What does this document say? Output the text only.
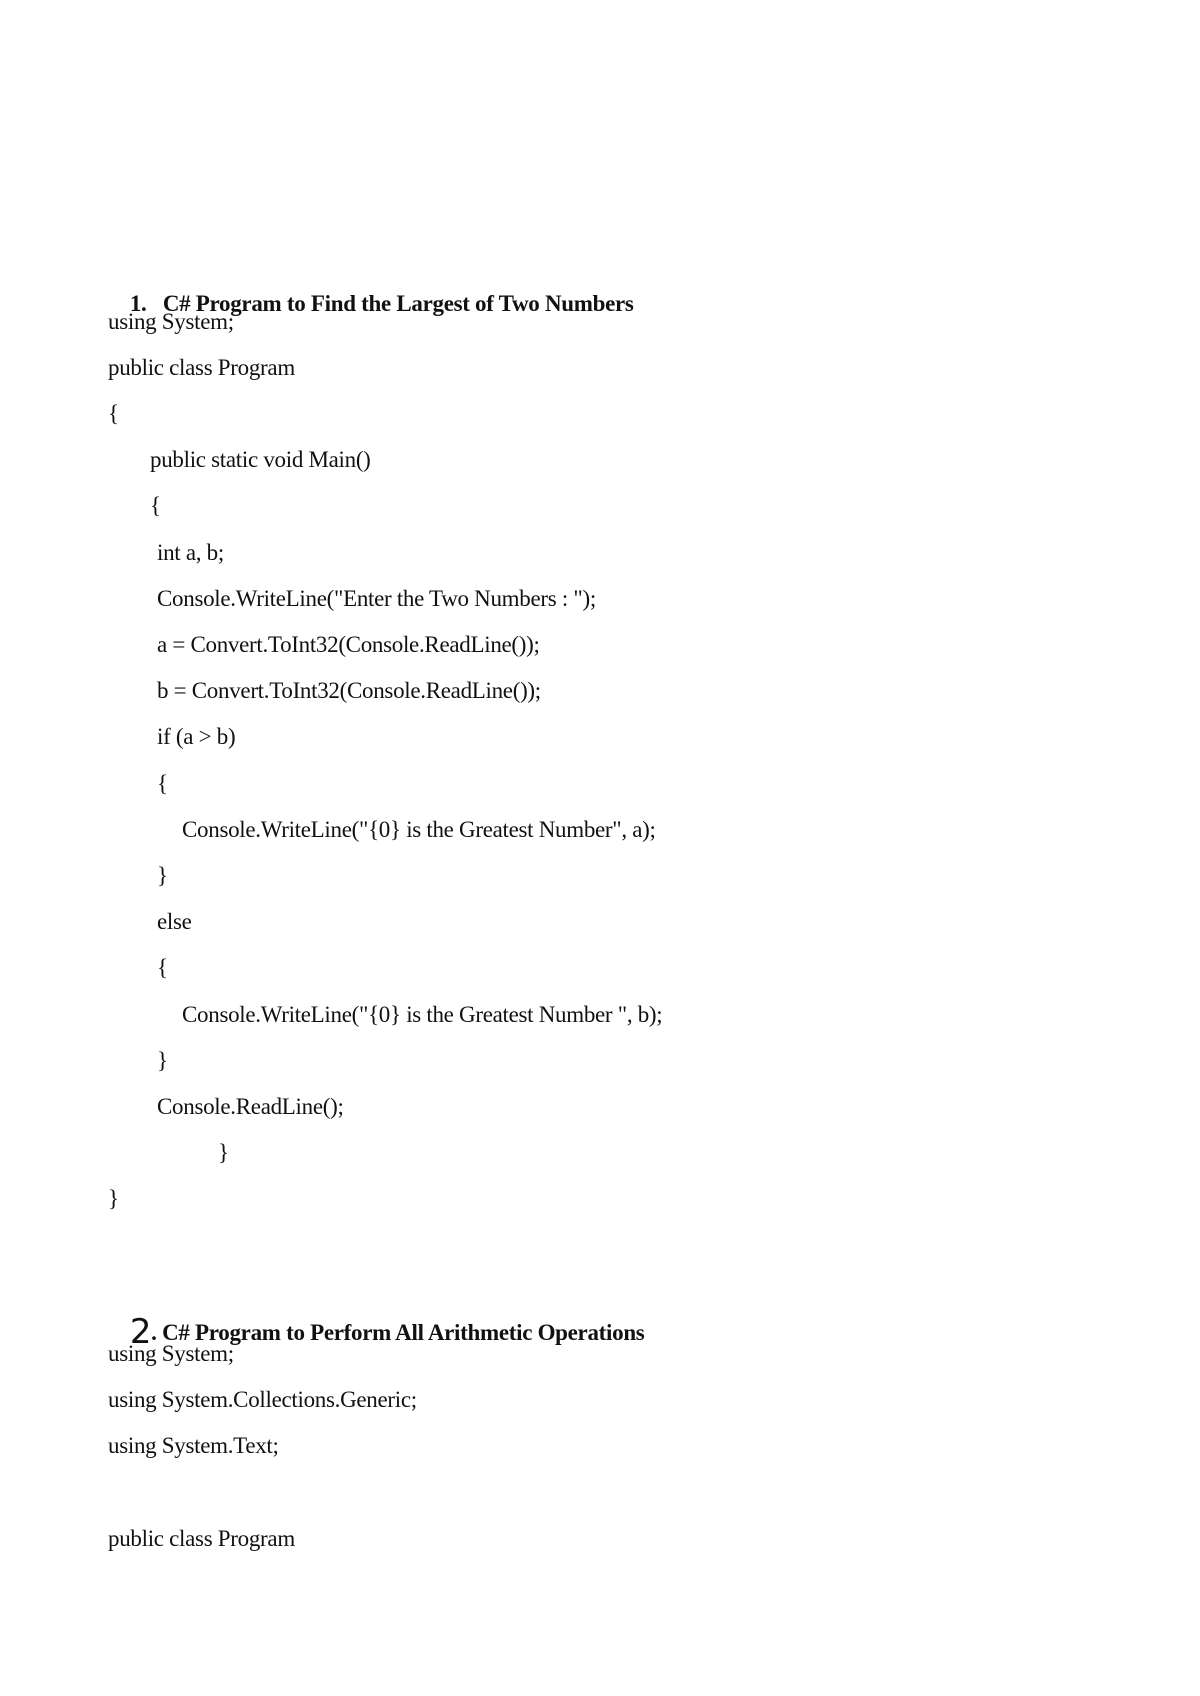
1. C# Program to Find the Largest of Two Numbers

using System;
public class Program
{
public static void Main()
{
int a, b;
Console.WriteLine("Enter the Two Numbers : ");
a = Convert.ToInt32(Console.ReadLine());
b = Convert.ToInt32(Console.ReadLine());
if (a > b)
{
Console.WriteLine("{0} is the Greatest Number", a);
}
else
{
Console.WriteLine("{0} is the Greatest Number ", b);
}
Console.ReadLine();
}
}

2. C# Program to Perform All Arithmetic Operations

using System;
using System.Collections.Generic;
using System.Text;
public class Program
